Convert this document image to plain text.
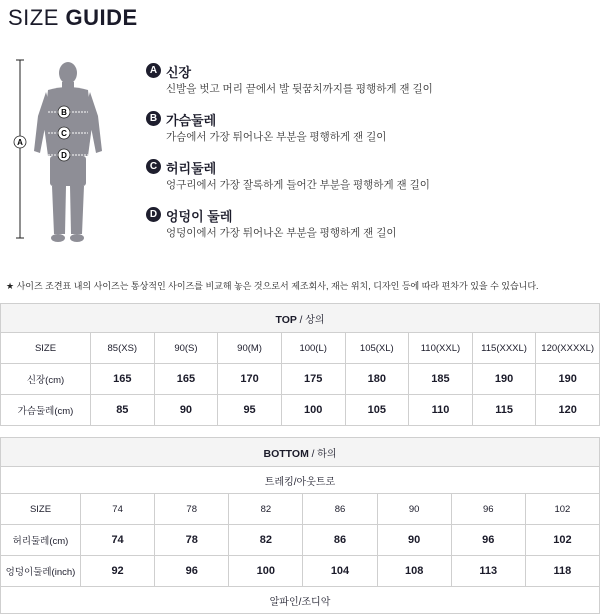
SIZE GUIDE
A
B
C
D
A 신장
신발을 벗고 머리 끝에서 발 뒷꿈치까지를 평행하게 잰 길이
B 가슴둘레
가슴에서 가장 튀어나온 부분을 평행하게 잰 길이
C 허리둘레
엉구리에서 가장 잘록하게 들어간 부분을 평행하게 잰 길이
D 엉덩이 둘레
엉덩이에서 가장 튀어나온 부분을 평행하게 잰 길이
★ 사이즈 조견표 내의 사이즈는 통상적인 사이즈를 비교해 놓은 것으로서 제조회사, 재는 위치, 디자인 등에 따라 편차가 있을 수 있습니다.
TOP / 상의								
SIZE	85(XS)	90(S)	90(M)	100(L)	105(XL)	110(XXL)	115(XXXL)	120(XXXXL)
신장(cm)	165	165	170	175	180	185	190	190
가슴둘레(cm)	85	90	95	100	105	110	115	120
BOTTOM / 하의							
트레킹/아웃트로							
SIZE	74	78	82	86	90	96	102
허리둘레(cm)	74	78	82	86	90	96	102
엉덩이둘레(inch)	92	96	100	104	108	113	118
알파인/조디악							
